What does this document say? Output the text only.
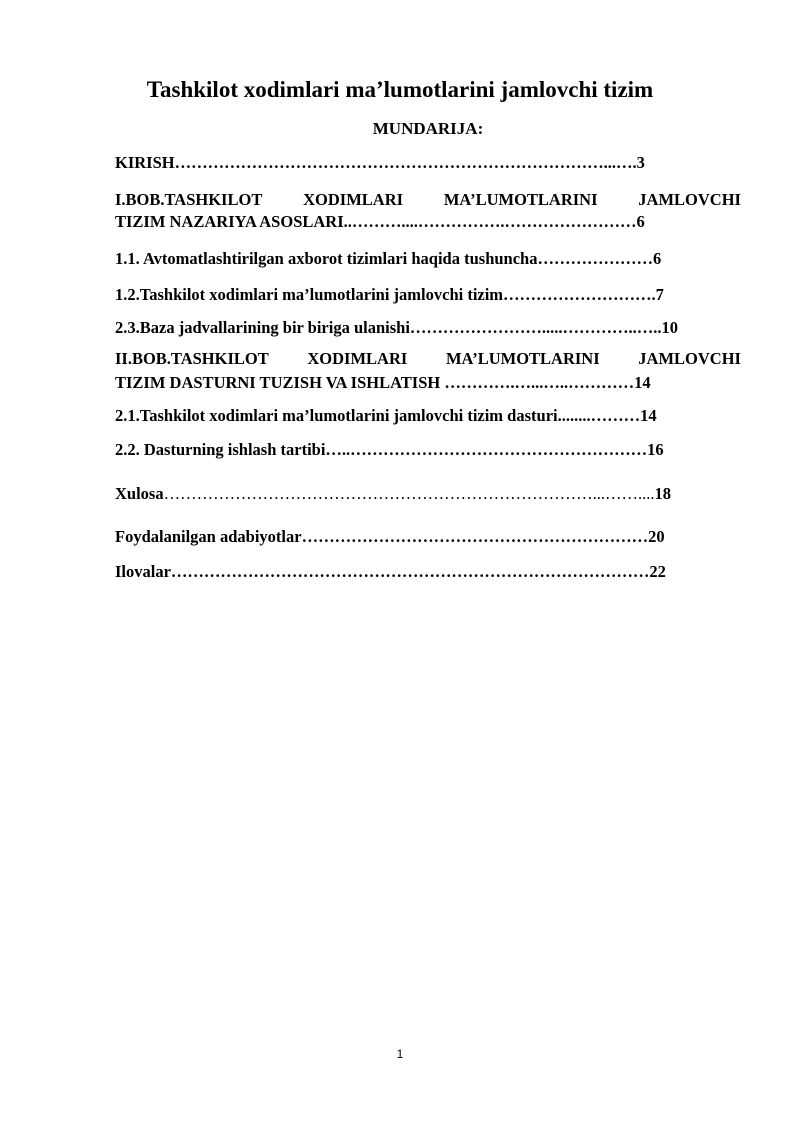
Tashkilot xodimlari ma’lumotlarini jamlovchi tizim
MUNDARIJA:
KIRISH……………………………………………………………………...….3
I.BOB.TASHKILOT XODIMLARI MA’LUMOTLARINI JAMLOVCHI
TIZIM NAZARIYA ASOSLARI..………....…………….……………………6
1.1. Avtomatlashtirilgan axborot tizimlari haqida tushuncha…………………6
1.2.Tashkilot xodimlari ma’lumotlarini jamlovchi tizim……………………….7
2.3.Baza jadvallarining bir biriga ulanishi…………………….....…………..…..10
II.BOB.TASHKILOT XODIMLARI MA’LUMOTLARINI JAMLOVCHI
TIZIM DASTURNI TUZISH VA ISHLATISH ………….…...…..…………14
2.1.Tashkilot xodimlari ma’lumotlarini jamlovchi tizim dasturi........………14
2.2. Dasturning ishlash tartibi…..………………………………………………16
Xulosa……………………………………………………………………...……....18
Foydalanilgan adabiyotlar………………………………………………………20
Ilovalar……………………………………………………………………………22
1
